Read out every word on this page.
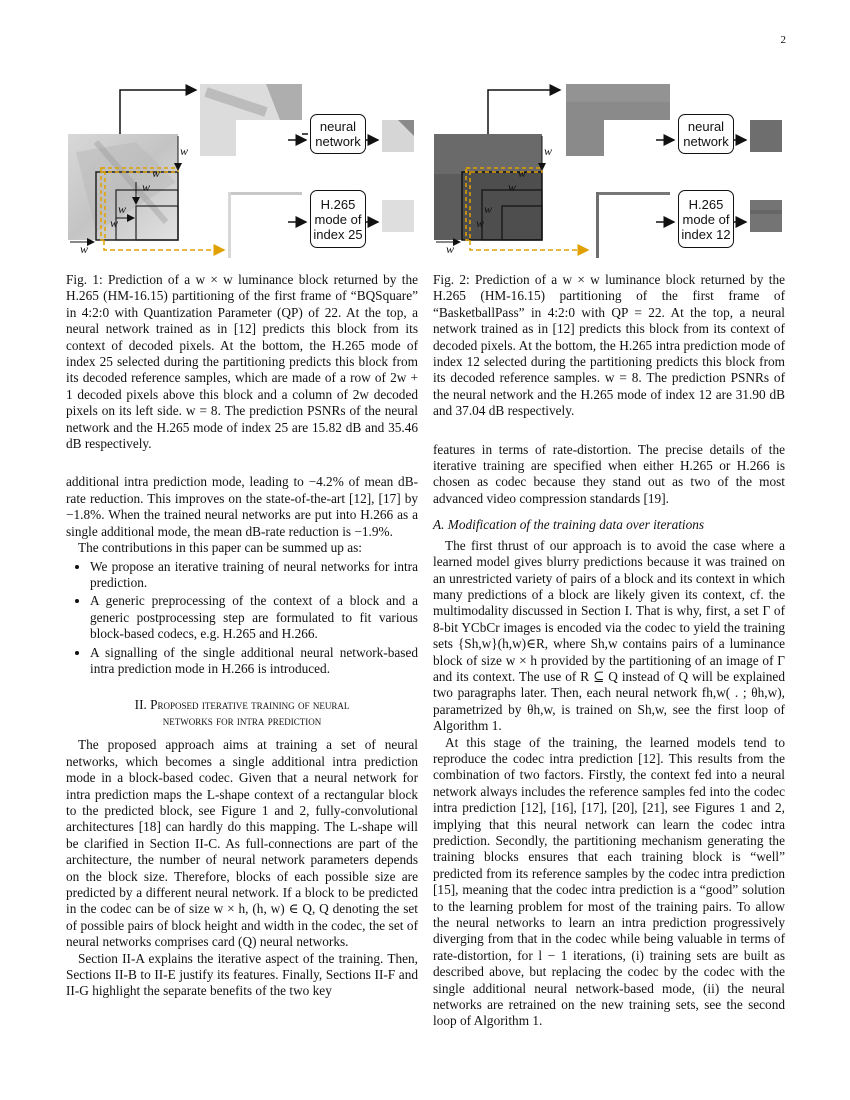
2
neural network
H.265
mode of
index 25
w
w
w
w
w
w
neural network
H.265
mode of
index 12
w
w
w
w
w
w

Fig. 1: Prediction of a w × w luminance block returned by the H.265 (HM-16.15) partitioning of the first frame of “BQSquare” in 4:2:0 with Quantization Parameter (QP) of 22. At the top, a neural network trained as in [12] predicts this block from its context of decoded pixels. At the bottom, the H.265 mode of index 25 selected during the partitioning predicts this block from its decoded reference samples, which are made of a row of 2w + 1 decoded pixels above this block and a column of 2w decoded pixels on its left side. w = 8. The prediction PSNRs of the neural network and the H.265 mode of index 25 are 15.82 dB and 35.46 dB respectively.

additional intra prediction mode, leading to −4.2% of mean dB-rate reduction. This improves on the state-of-the-art [12], [17] by −1.8%. When the trained neural networks are put into H.266 as a single additional mode, the mean dB-rate reduction is −1.9%.

The contributions in this paper can be summed up as:

• We propose an iterative training of neural networks for intra prediction.
• A generic preprocessing of the context of a block and a generic postprocessing step are formulated to fit various block-based codecs, e.g. H.265 and H.266.
• A signalling of the single additional neural network-based intra prediction mode in H.266 is introduced.
II. Proposed iterative training of neural
networks for intra prediction

The proposed approach aims at training a set of neural networks, which becomes a single additional intra prediction mode in a block-based codec. Given that a neural network for intra prediction maps the L-shape context of a rectangular block to the predicted block, see Figure 1 and 2, fully-convolutional architectures [18] can hardly do this mapping. The L-shape will be clarified in Section II-C. As full-connections are part of the architecture, the number of neural network parameters depends on the block size. Therefore, blocks of each possible size are predicted by a different neural network. If a block to be predicted in the codec can be of size w × h, (h, w) ∈ Q, Q denoting the set of possible pairs of block height and width in the codec, the set of neural networks comprises card (Q) neural networks.

Section II-A explains the iterative aspect of the training. Then, Sections II-B to II-E justify its features. Finally, Sections II-F and II-G highlight the separate benefits of the two key

Fig. 2: Prediction of a w × w luminance block returned by the H.265 (HM-16.15) partitioning of the first frame of “BasketballPass” in 4:2:0 with QP = 22. At the top, a neural network trained as in [12] predicts this block from its context of decoded pixels. At the bottom, the H.265 intra prediction mode of index 12 selected during the partitioning predicts this block from its decoded reference samples. w = 8. The prediction PSNRs of the neural network and the H.265 mode of index 12 are 31.90 dB and 37.04 dB respectively.

features in terms of rate-distortion. The precise details of the iterative training are specified when either H.265 or H.266 is chosen as codec because they stand out as two of the most advanced video compression standards [19].

A. Modification of the training data over iterations

The first thrust of our approach is to avoid the case where a learned model gives blurry predictions because it was trained on an unrestricted variety of pairs of a block and its context in which many predictions of a block are likely given its context, cf. the multimodality discussed in Section I. That is why, first, a set Γ of 8-bit YCbCr images is encoded via the codec to yield the training sets {Sh,w}(h,w)∈R, where Sh,w contains pairs of a luminance block of size w × h provided by the partitioning of an image of Γ and its context. The use of R ⊆ Q instead of Q will be explained two paragraphs later. Then, each neural network fh,w( . ; θh,w), parametrized by θh,w, is trained on Sh,w, see the first loop of Algorithm 1.

At this stage of the training, the learned models tend to reproduce the codec intra prediction [12]. This results from the combination of two factors. Firstly, the context fed into a neural network always includes the reference samples fed into the codec intra prediction [12], [16], [17], [20], [21], see Figures 1 and 2, implying that this neural network can learn the codec intra prediction. Secondly, the partitioning mechanism generating the training blocks ensures that each training block is “well” predicted from its reference samples by the codec intra prediction [15], meaning that the codec intra prediction is a “good” solution to the learning problem for most of the training pairs. To allow the neural networks to learn an intra prediction progressively diverging from that in the codec while being valuable in terms of rate-distortion, for l − 1 iterations, (i) training sets are built as described above, but replacing the codec by the codec with the single additional neural network-based mode, (ii) the neural networks are retrained on the new training sets, see the second loop of Algorithm 1.
